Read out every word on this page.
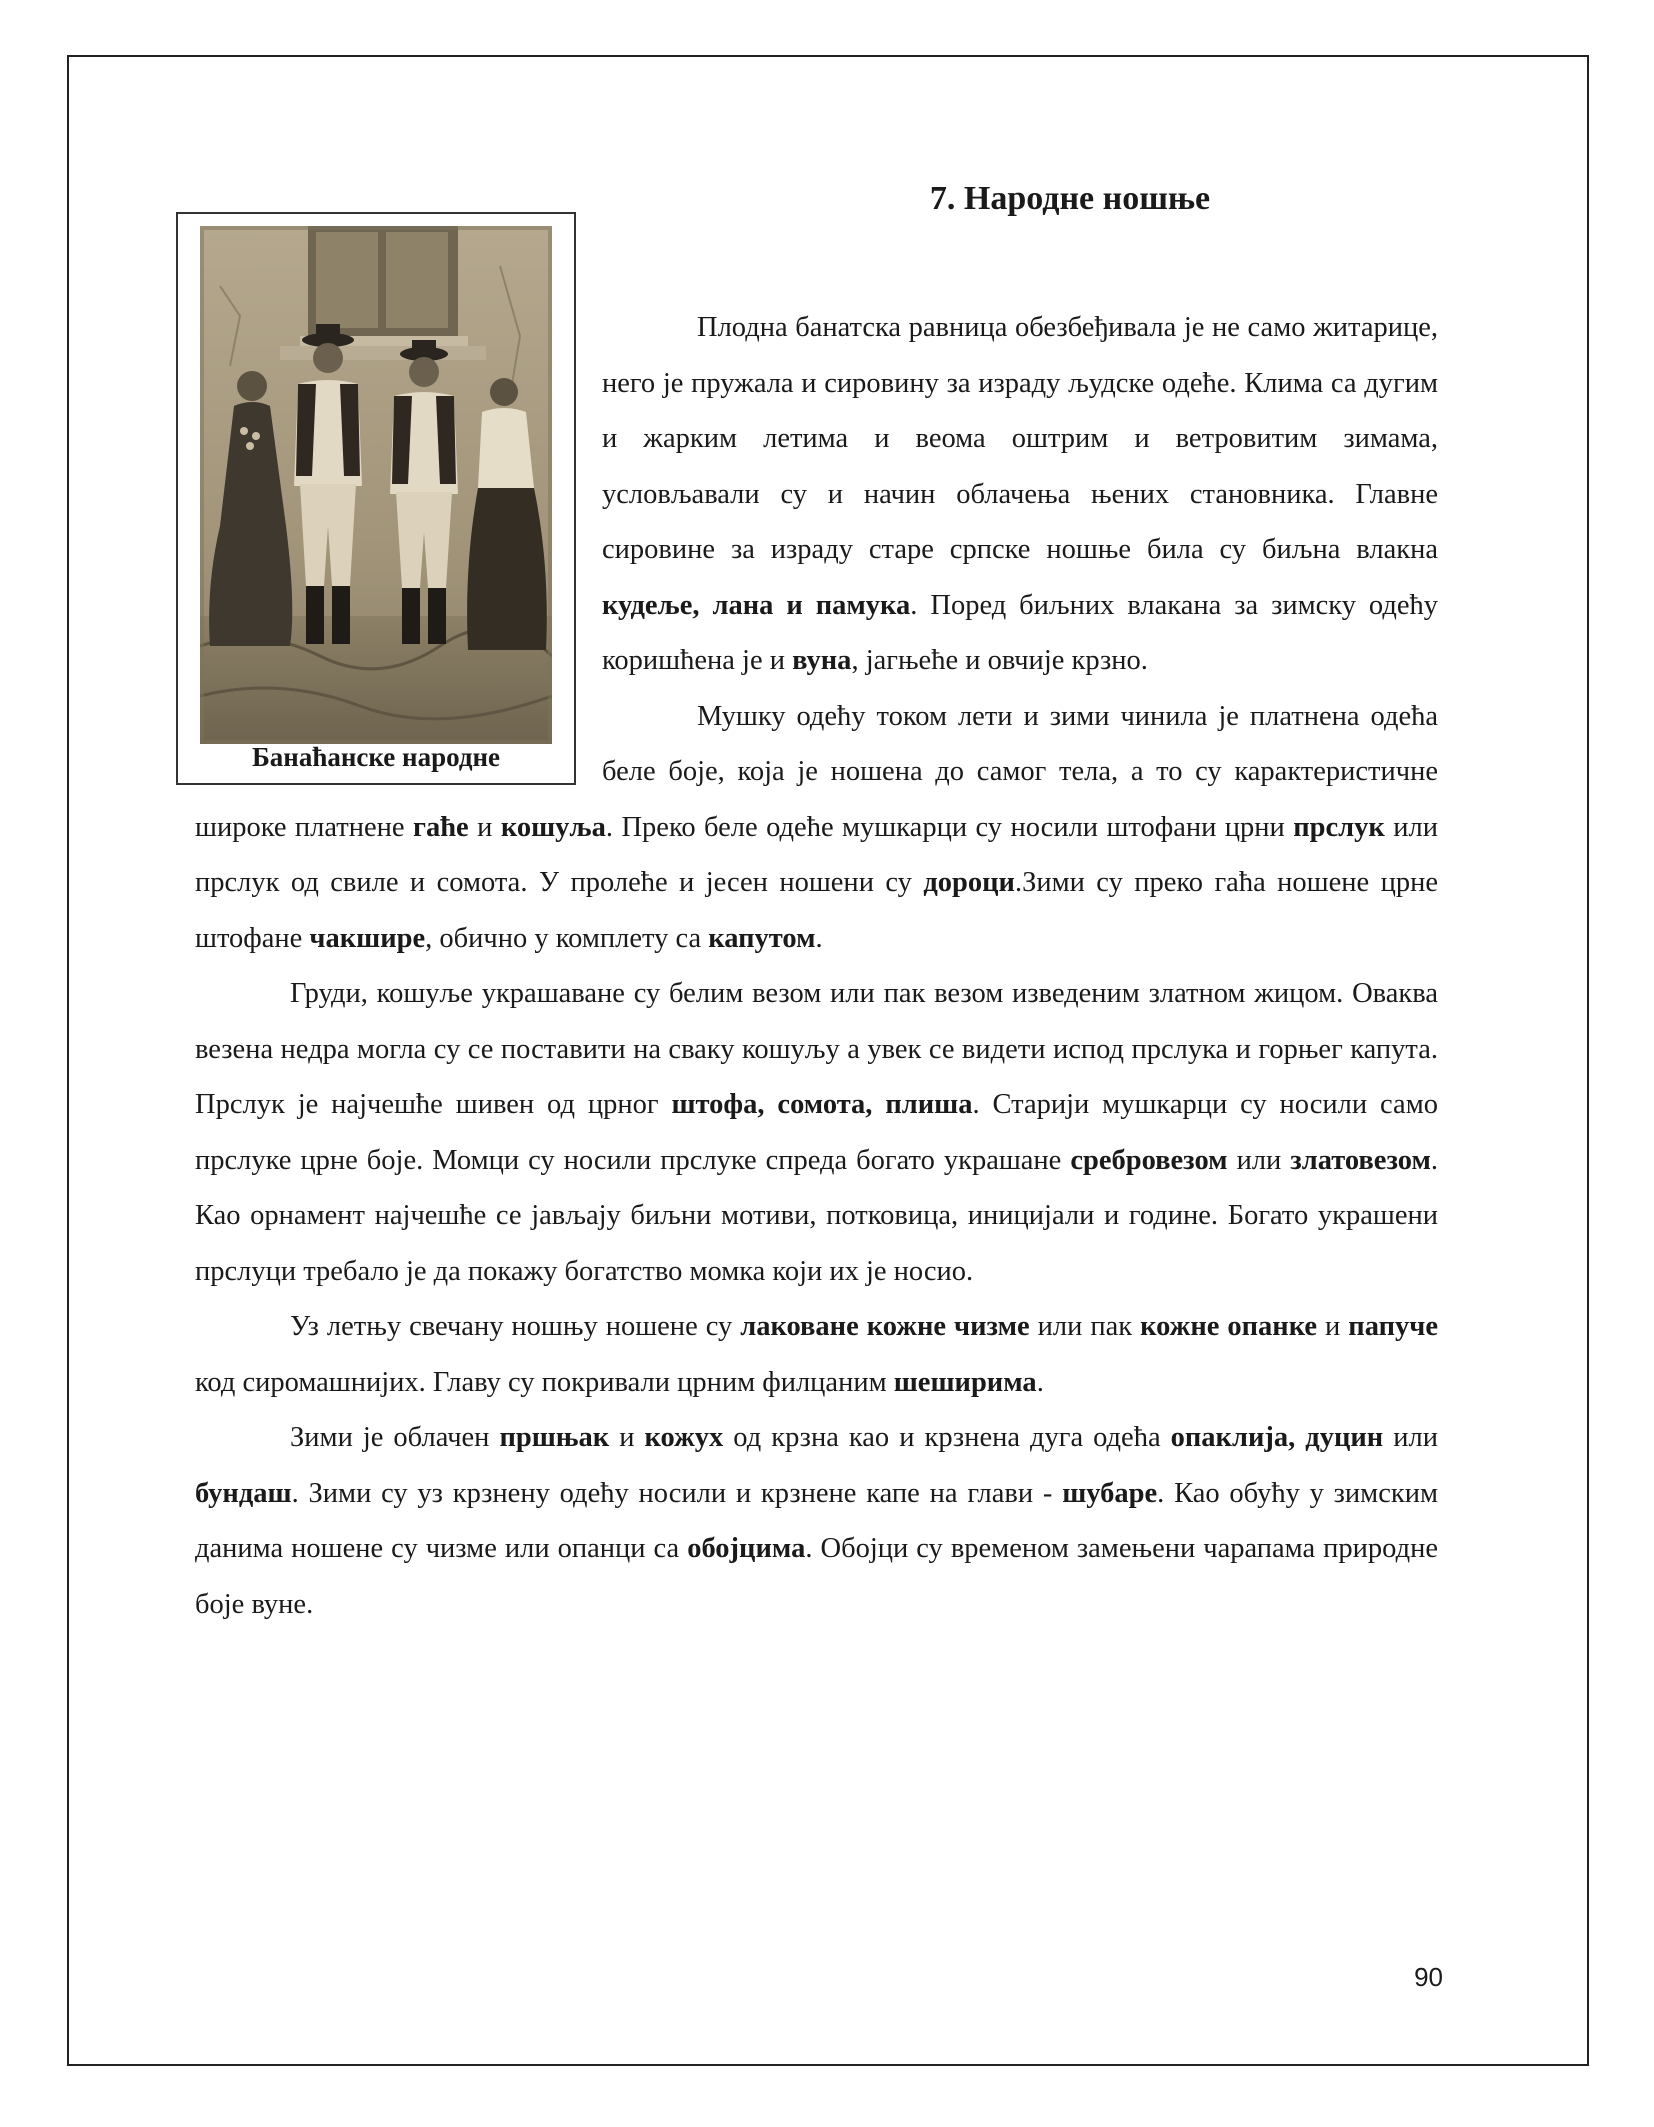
7. Народне ношње

Банаћанске народне

Плодна банатска равница обезбеђивала је не само житарице, него је пружала и сировину за израду људске одеће. Клима са дугим и жарким летима и веома оштрим и ветровитим зимама, условљавали су и начин облачења њених становника. Главне сировине за израду старе српске ношње била су биљна влакна кудеље, лана и памука. Поред биљних влакана за зимску одећу коришћена је и вуна, јагњеће и овчије крзно.

Мушку одећу током лети и зими чинила је платнена одећа беле боје, која је ношена до самог тела, а то су карактеристичне широке платнене гаће и кошуља. Преко беле одеће мушкарци су носили штофани црни прслук или прслук од свиле и сомота. У пролеће и јесен ношени су дороци.Зими су преко гаћа ношене црне штофане чакшире, обично у комплету са капутом.

Груди, кошуље украшаване су белим везом или пак везом изведеним златном жицом. Оваква везена недра могла су се поставити на сваку кошуљу а увек се видети испод прслука и горњег капута. Прслук је најчешће шивен од црног штофа, сомота, плиша. Старији мушкарци су носили само прслуке црне боје. Момци су носили прслуке спреда богато украшане сребровезом или златовезом. Као орнамент најчешће се јављају биљни мотиви, потковица, иницијали и године. Богато украшени прслуци требало је да покажу богатство момка који их је носио.

Уз летњу свечану ношњу ношене су лаковане кожне чизме или пак кожне опанке и папуче код сиромашнијих. Главу су покривали црним филцаним шеширима.

Зими је облачен пршњак и кожух од крзна као и крзнена дуга одећа опаклија, дуцин или бундаш. Зими су уз крзнену одећу носили и крзнене капе на глави - шубаре. Као обућу у зимским данима ношене су чизме или опанци са обојцима. Обојци су временом замењени чарапама природне боје вуне.

90
